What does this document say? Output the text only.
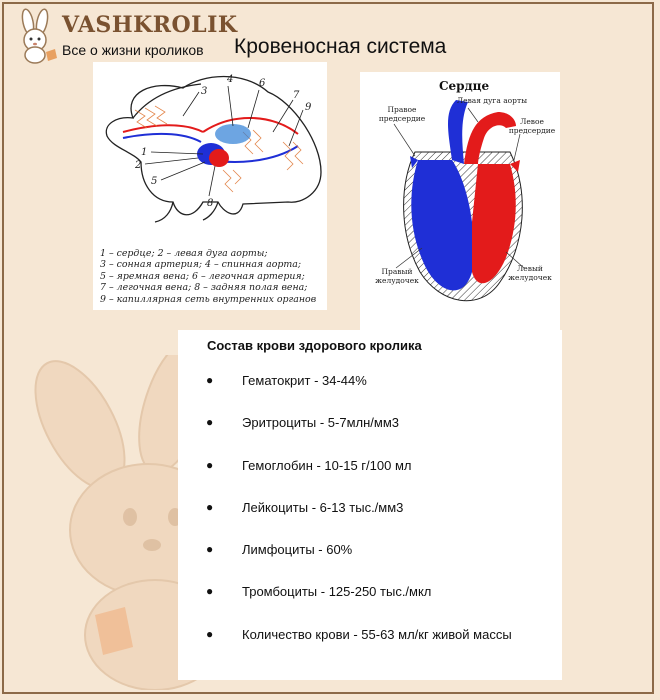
VASHKROLIK
Все о жизни кроликов Кровеносная система
1
2
3
4
5
6
7
8
9
1 – сердце; 2 – левая дуга аорты;
3 – сонная артерия; 4 – спинная аорта;
5 – яремная вена; 6 – легочная артерия;
7 – легочная вена; 8 – задняя полая вена;
9 – капиллярная сеть внутренних органов
Сердце
Правое предсердие
Левая дуга аорты
Левое предсердие
Правый желудочек
Левый желудочек
Состав крови здорового кролика
● Гематокрит - 34-44%
● Эритроциты - 5-7млн/мм3
● Гемоглобин - 10-15 г/100 мл
● Лейкоциты - 6-13 тыс./мм3
● Лимфоциты - 60%
● Тромбоциты - 125-250 тыс./мкл
● Количество крови - 55-63 мл/кг живой массы
